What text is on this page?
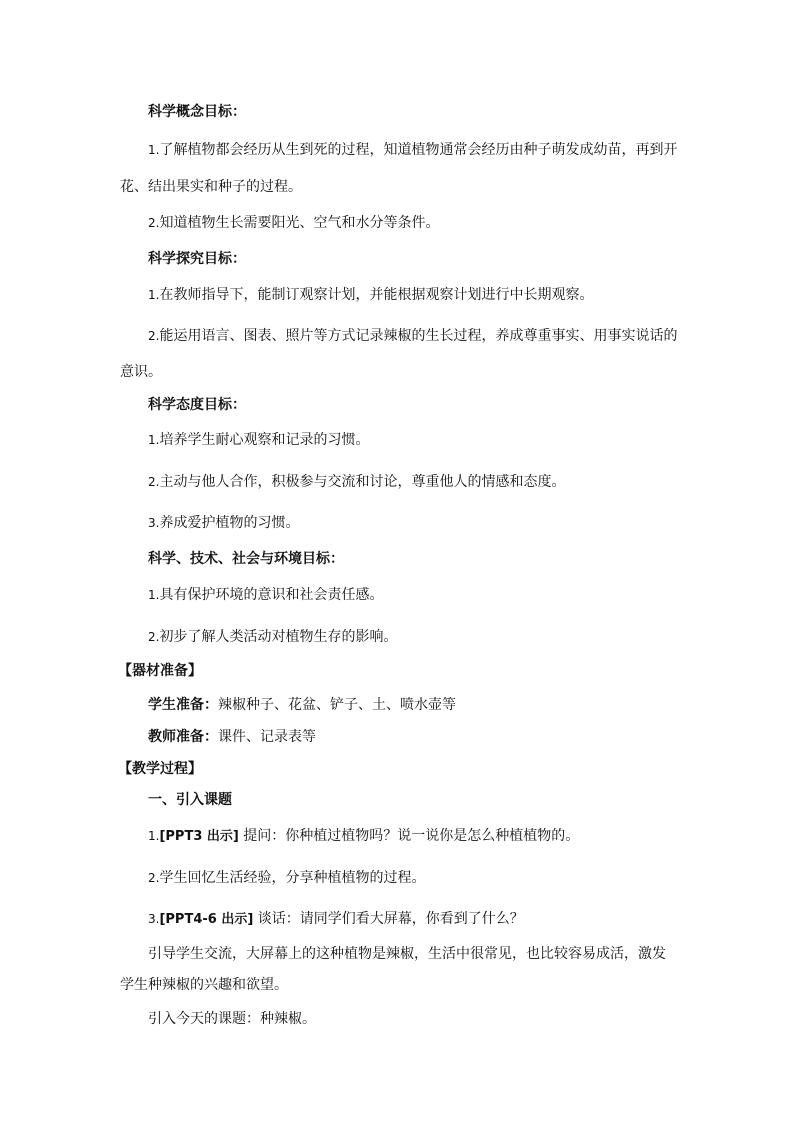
科学概念目标：
1.了解植物都会经历从生到死的过程，知道植物通常会经历由种子萌发成幼苗，再到开
花、结出果实和种子的过程。
2.知道植物生长需要阳光、空气和水分等条件。
科学探究目标：
1.在教师指导下，能制订观察计划，并能根据观察计划进行中长期观察。
2.能运用语言、图表、照片等方式记录辣椒的生长过程，养成尊重事实、用事实说话的
意识。
科学态度目标：
1.培养学生耐心观察和记录的习惯。
2.主动与他人合作，积极参与交流和讨论，尊重他人的情感和态度。
3.养成爱护植物的习惯。
科学、技术、社会与环境目标：
1.具有保护环境的意识和社会责任感。
2.初步了解人类活动对植物生存的影响。
【器材准备】
学生准备：辣椒种子、花盆、铲子、土、喷水壶等
教师准备：课件、记录表等
【教学过程】
一、引入课题
1.[PPT3 出示] 提问：你种植过植物吗？说一说你是怎么种植植物的。
2.学生回忆生活经验，分享种植植物的过程。
3.[PPT4-6 出示] 谈话：请同学们看大屏幕，你看到了什么？
引导学生交流，大屏幕上的这种植物是辣椒，生活中很常见，也比较容易成活，激发
学生种辣椒的兴趣和欲望。
引入今天的课题：种辣椒。
